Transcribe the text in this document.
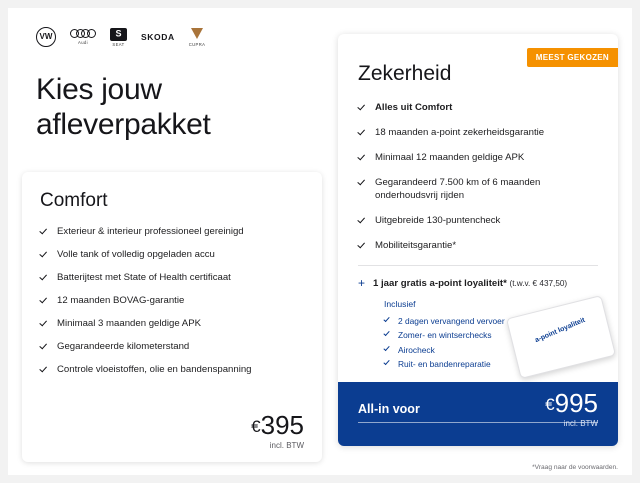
VW
Audi
S	SEAT
SKODA
CUPRA
Kies jouw
afleverpakket
Comfort
Exterieur & interieur professioneel gereinigd
Volle tank of volledig opgeladen accu
Batterijtest met State of Health certificaat
12 maanden BOVAG-garantie
Minimaal 3 maanden geldige APK
Gegarandeerde kilometerstand
Controle vloeistoffen, olie en bandenspanning
€395
incl. BTW
MEEST GEKOZEN
Zekerheid
Alles uit Comfort
18 maanden a-point zekerheidsgarantie
Minimaal 12 maanden geldige APK
Gegarandeerd 7.500 km of 6 maanden onderhoudsvrij rijden
Uitgebreide 130-puntencheck
Mobiliteitsgarantie*
+ 1 jaar gratis a-point loyaliteit* (t.w.v. € 437,50)
Inclusief
2 dagen vervangend vervoer
Zomer- en wintserchecks
Airocheck
Ruit- en bandenreparatie
a-point loyaliteit
All-in voor	€995
incl. BTW
*Vraag naar de voorwaarden.
